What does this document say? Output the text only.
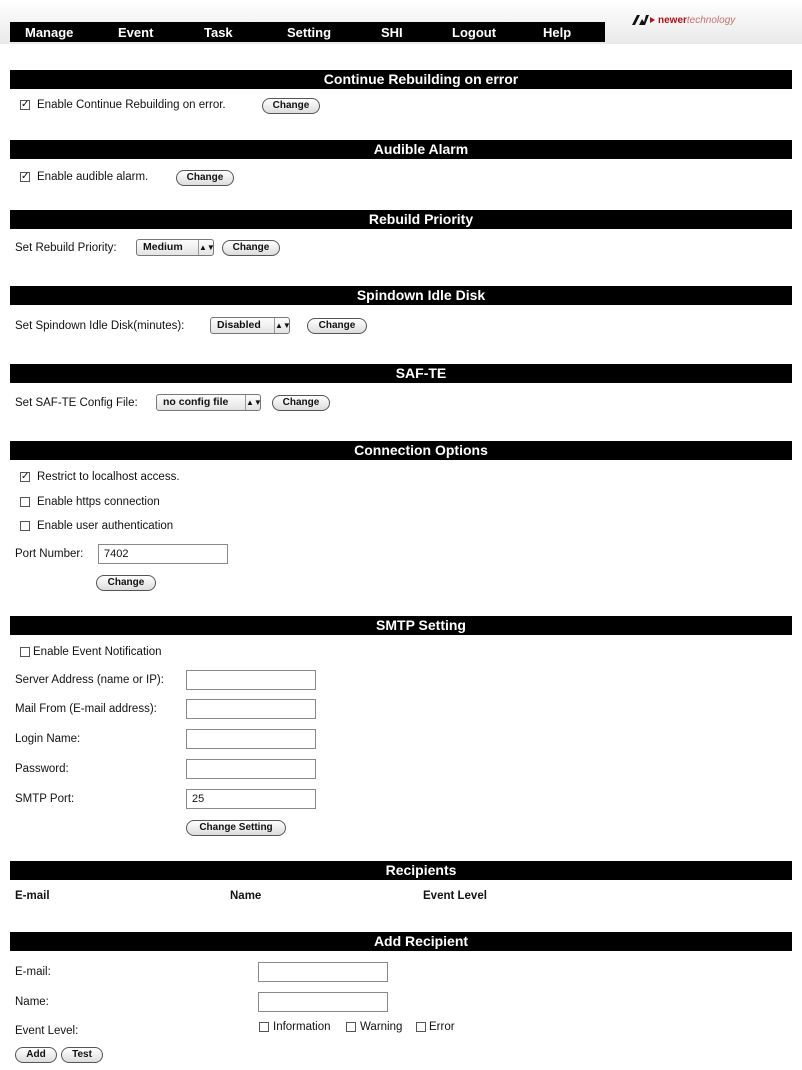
Manage	Event	Task	Setting	SHI	Logout	Help
newer technology
Continue Rebuilding on error
✓ Enable Continue Rebuilding on error.	Change
Audible Alarm
✓ Enable audible alarm.	Change
Rebuild Priority
Set Rebuild Priority:	Medium ▲▼	Change
Spindown Idle Disk
Set Spindown Idle Disk(minutes):	Disabled ▲▼	Change
SAF-TE
Set SAF-TE Config File:	no config file ▲▼	Change
Connection Options
✓ Restrict to localhost access.
Enable https connection
Enable user authentication
Port Number:	7402
Change
SMTP Setting
Enable Event Notification
Server Address (name or IP):
Mail From (E-mail address):
Login Name:
Password:
SMTP Port:	25
Change Setting
Recipients
E-mail	Name	Event Level
Add Recipient
E-mail:
Name:
Event Level:	Information	Warning Error
Add	Test
